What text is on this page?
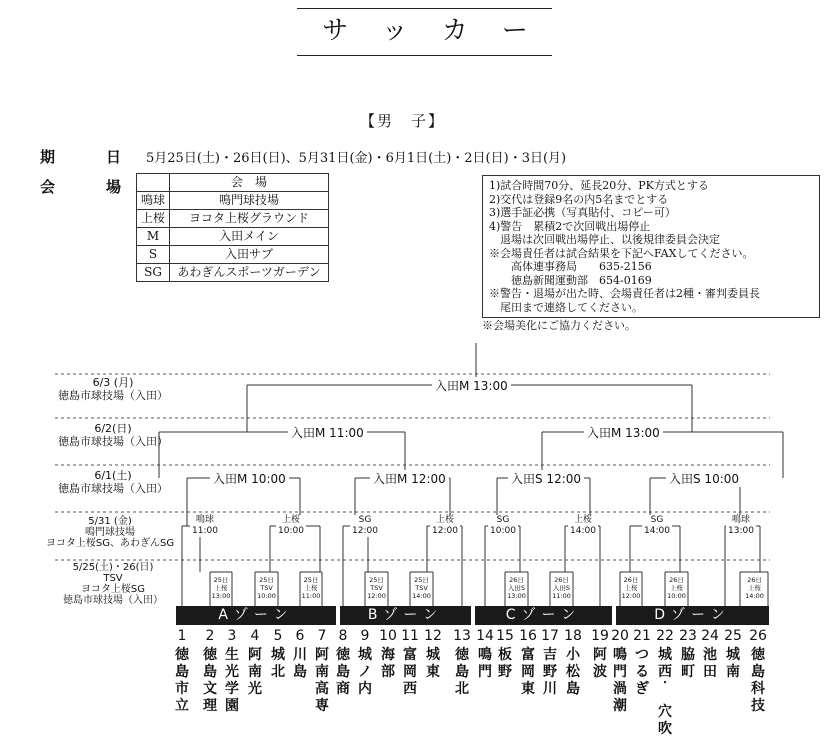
サッカー
【男　子】
期　日 5月25日(土)・26日(日)、5月31日(金)・6月1日(土)・2日(日)・3日(月)
会　場
		会　場
鳴球	鳴門球技場
上桜	ヨコタ上桜グラウンド
M	入田メイン
S	入田サブ
SG	あわぎんスポーツガーデン
1)試合時間70分、延長20分、PK方式とする
2)交代は登録9名の内5名までとする
3)選手証必携（写真貼付、コピー可）
4)警告　累積2で次回戦出場停止
　退場は次回戦出場停止、以後規律委員会決定
※会場責任者は試合結果を下記へFAXしてください。
　　高体連事務局　　635-2156
　　徳島新聞運動部　654-0169
※警告・退場が出た時、会場責任者は2種・審判委員長
　尾田まで連絡してください。
※会場美化にご協力ください。
6/3 (月)
徳島市球技場（入田）
6/2(日)
徳島市球技場（入田）
6/1(土)
徳島市球技場（入田）
5/31 (金)
鳴門球技場
ヨコタ上桜SG、あわぎんSG
5/25(土)・26(日)
TSV
ヨコタ上桜SG
徳島市球技場（入田）
入田M 13:00
入田M 11:00	入田M 13:00
入田M 10:00	入田M 12:00	入田S 12:00	入田S 10:00
鳴球
11:00
上桜
10:00
SG
12:00
上桜
12:00
SG
10:00
上桜
14:00
SG
14:00
鳴球
13:00
25日
上桜
13:00
25日
TSV
10:00
25日
上桜
11:00
25日
TSV
12:00
25日
TSV
14:00
26日
入田S
13:00
26日
入田S
11:00
26日
上桜
12:00
26日
上桜
10:00
26日
上桜
14:00
Aゾーン	Bゾーン	Cゾーン	Dゾーン
1
徳
島
市
立
2
徳
島
文
理
3
生
光
学
園
4
阿
南
光
5
城
北
6
川
島
7
阿
南
高
専
8
徳
島
商
9
城
ノ
内
10
海
部
11
富
岡
西
12
城
東
13
徳
島
北
14
鳴
門
15
板
野
16
富
岡
東
17
吉
野
川
18
小
松
島
19
阿
波
20
鳴
門
渦
潮
21
つ
る
ぎ
22
城
西

・

穴
吹
23
脇
町
24
池
田
25
城
南
26
徳
島
科
技
